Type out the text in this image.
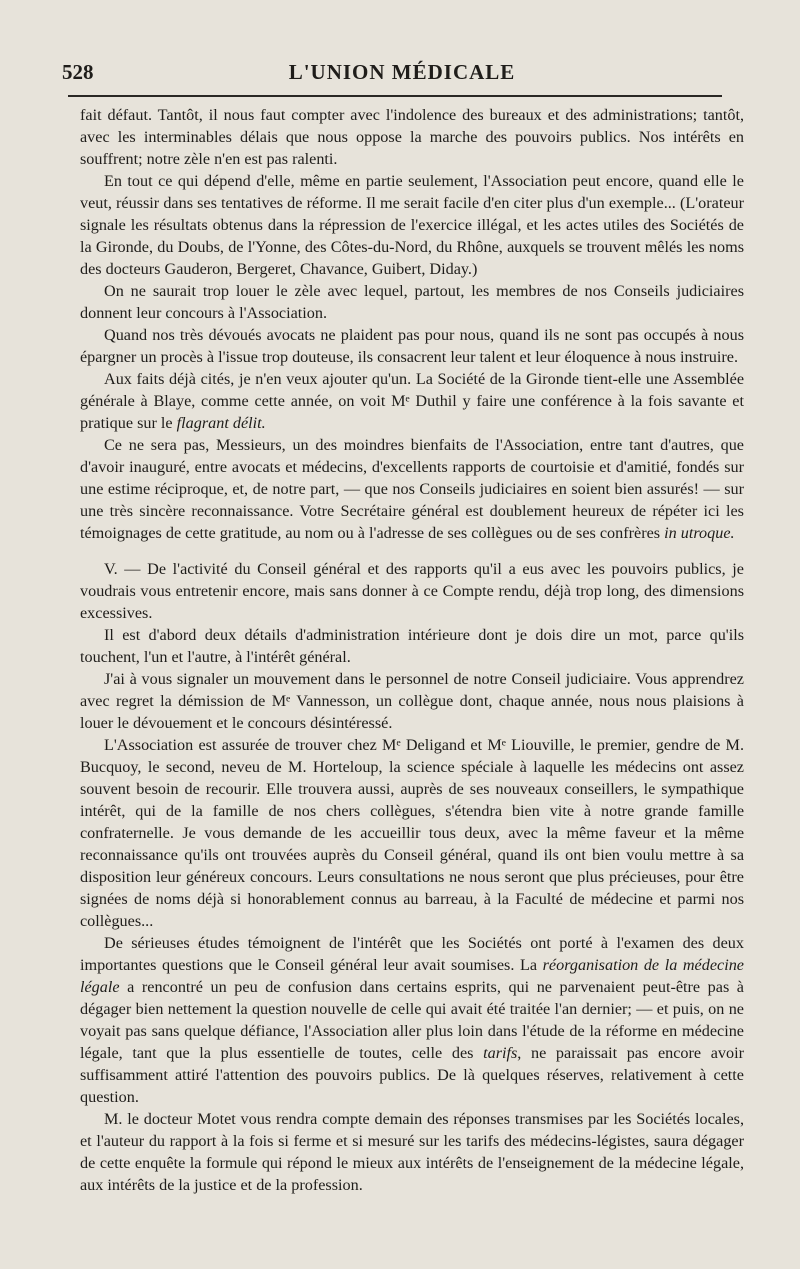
528	L'UNION MÉDICALE

fait défaut. Tantôt, il nous faut compter avec l'indolence des bureaux et des administrations; tantôt, avec les interminables délais que nous oppose la marche des pouvoirs publics. Nos intérêts en souffrent; notre zèle n'en est pas ralenti.

En tout ce qui dépend d'elle, même en partie seulement, l'Association peut encore, quand elle le veut, réussir dans ses tentatives de réforme. Il me serait facile d'en citer plus d'un exemple... (L'orateur signale les résultats obtenus dans la répression de l'exercice illégal, et les actes utiles des Sociétés de la Gironde, du Doubs, de l'Yonne, des Côtes-du-Nord, du Rhône, auxquels se trouvent mêlés les noms des docteurs Gauderon, Bergeret, Chavance, Guibert, Diday.)

On ne saurait trop louer le zèle avec lequel, partout, les membres de nos Conseils judiciaires donnent leur concours à l'Association.

Quand nos très dévoués avocats ne plaident pas pour nous, quand ils ne sont pas occupés à nous épargner un procès à l'issue trop douteuse, ils consacrent leur talent et leur éloquence à nous instruire.

Aux faits déjà cités, je n'en veux ajouter qu'un. La Société de la Gironde tient-elle une Assemblée générale à Blaye, comme cette année, on voit Mᵉ Duthil y faire une conférence à la fois savante et pratique sur le flagrant délit.

Ce ne sera pas, Messieurs, un des moindres bienfaits de l'Association, entre tant d'autres, que d'avoir inauguré, entre avocats et médecins, d'excellents rapports de courtoisie et d'amitié, fondés sur une estime réciproque, et, de notre part, — que nos Conseils judiciaires en soient bien assurés! — sur une très sincère reconnaissance. Votre Secrétaire général est doublement heureux de répéter ici les témoignages de cette gratitude, au nom ou à l'adresse de ses collègues ou de ses confrères in utroque.

V. — De l'activité du Conseil général et des rapports qu'il a eus avec les pouvoirs publics, je voudrais vous entretenir encore, mais sans donner à ce Compte rendu, déjà trop long, des dimensions excessives.

Il est d'abord deux détails d'administration intérieure dont je dois dire un mot, parce qu'ils touchent, l'un et l'autre, à l'intérêt général.

J'ai à vous signaler un mouvement dans le personnel de notre Conseil judiciaire. Vous apprendrez avec regret la démission de Mᵉ Vannesson, un collègue dont, chaque année, nous nous plaisions à louer le dévouement et le concours désintéressé.

L'Association est assurée de trouver chez Mᵉ Deligand et Mᵉ Liouville, le premier, gendre de M. Bucquoy, le second, neveu de M. Horteloup, la science spéciale à laquelle les médecins ont assez souvent besoin de recourir. Elle trouvera aussi, auprès de ses nouveaux conseillers, le sympathique intérêt, qui de la famille de nos chers collègues, s'étendra bien vite à notre grande famille confraternelle. Je vous demande de les accueillir tous deux, avec la même faveur et la même reconnaissance qu'ils ont trouvées auprès du Conseil général, quand ils ont bien voulu mettre à sa disposition leur généreux concours. Leurs consultations ne nous seront que plus précieuses, pour être signées de noms déjà si honorablement connus au barreau, à la Faculté de médecine et parmi nos collègues...

De sérieuses études témoignent de l'intérêt que les Sociétés ont porté à l'examen des deux importantes questions que le Conseil général leur avait soumises. La réorganisation de la médecine légale a rencontré un peu de confusion dans certains esprits, qui ne parvenaient peut-être pas à dégager bien nettement la question nouvelle de celle qui avait été traitée l'an dernier; — et puis, on ne voyait pas sans quelque défiance, l'Association aller plus loin dans l'étude de la réforme en médecine légale, tant que la plus essentielle de toutes, celle des tarifs, ne paraissait pas encore avoir suffisamment attiré l'attention des pouvoirs publics. De là quelques réserves, relativement à cette question.

M. le docteur Motet vous rendra compte demain des réponses transmises par les Sociétés locales, et l'auteur du rapport à la fois si ferme et si mesuré sur les tarifs des médecins-légistes, saura dégager de cette enquête la formule qui répond le mieux aux intérêts de l'enseignement de la médecine légale, aux intérêts de la justice et de la profession.
